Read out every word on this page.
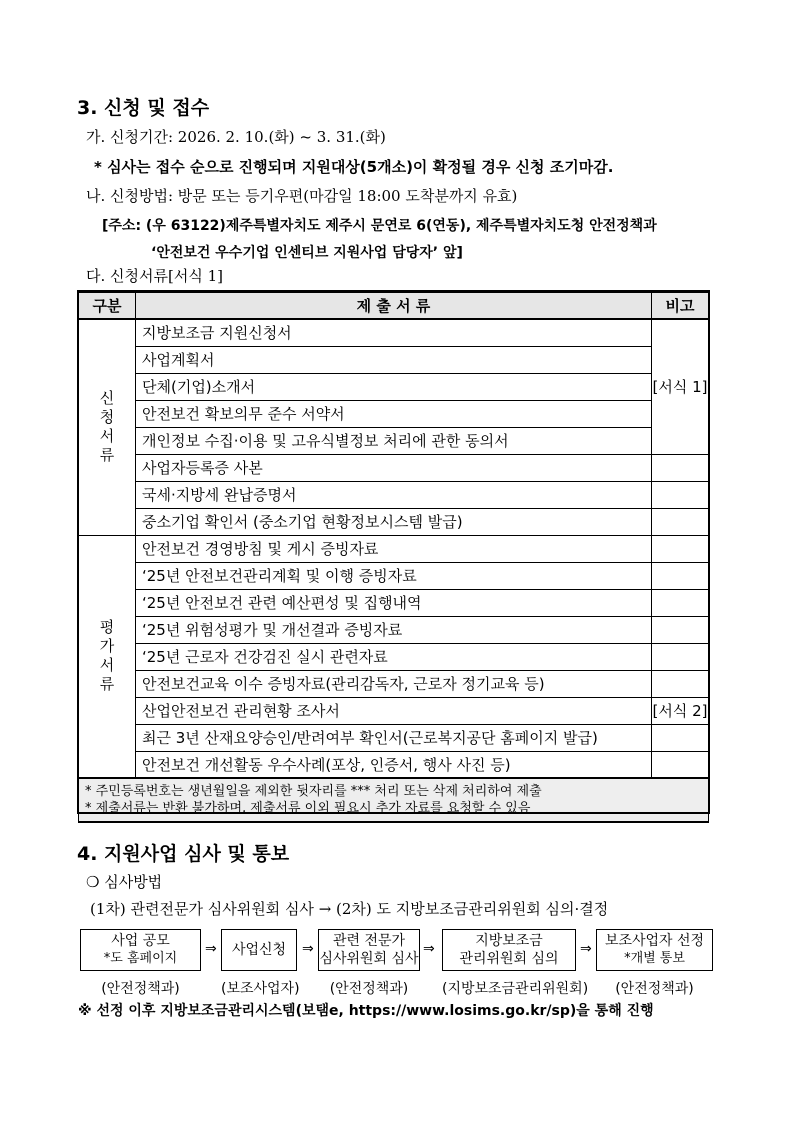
3. 신청 및 접수
가. 신청기간: 2026. 2. 10.(화) ~ 3. 31.(화)
* 심사는 접수 순으로 진행되며 지원대상(5개소)이 확정될 경우 신청 조기마감.
나. 신청방법: 방문 또는 등기우편(마감일 18:00 도착분까지 유효)
[주소: (우 63122)제주특별자치도 제주시 문연로 6(연동), 제주특별자치도청 안전정책과
‘안전보건 우수기업 인센티브 지원사업 담당자’ 앞]
다. 신청서류[서식 1]
구분	제 출 서 류	비고

신
청
서
류	지방보조금 지원신청서	[서식 1]
	사업계획서	
	단체(기업)소개서	
	안전보건 확보의무 준수 서약서	
	개인정보 수집·이용 및 고유식별정보 처리에 관한 동의서	
	사업자등록증 사본	
	국세·지방세 완납증명서	
	중소기업 확인서 (중소기업 현황정보시스템 발급)	

평
가
서
류	안전보건 경영방침 및 게시 증빙자료	
	‘25년 안전보건관리계획 및 이행 증빙자료	
	‘25년 안전보건 관련 예산편성 및 집행내역	
	‘25년 위험성평가 및 개선결과 증빙자료	
	‘25년 근로자 건강검진 실시 관련자료	
	안전보건교육 이수 증빙자료(관리감독자, 근로자 정기교육 등)	
	산업안전보건 관리현황 조사서	[서식 2]
	최근 3년 산재요양승인/반려여부 확인서(근로복지공단 홈페이지 발급)	
	안전보건 개선활동 우수사례(포상, 인증서, 행사 사진 등)	

* 주민등록번호는 생년월일을 제외한 뒷자리를 *** 처리 또는 삭제 처리하여 제출
* 제출서류는 반환 불가하며, 제출서류 이외 필요시 추가 자료를 요청할 수 있음		
4. 지원사업 심사 및 통보
❍ 심사방법
(1차) 관련전문가 심사위원회 심사 → (2차) 도 지방보조금관리위원회 심의·결정
사업 공모
*도 홈페이지
(안전정책과)
사업신청
(보조사업자)
관련 전문가
심사위원회 심사
(안전정책과)
지방보조금
관리위원회 심의
(지방보조금관리위원회)
보조사업자 선정
*개별 통보
(안전정책과)
⇒	⇒	⇒	⇒
※ 선정 이후 지방보조금관리시스템(보탬e, https://www.losims.go.kr/sp)을 통해 진행
